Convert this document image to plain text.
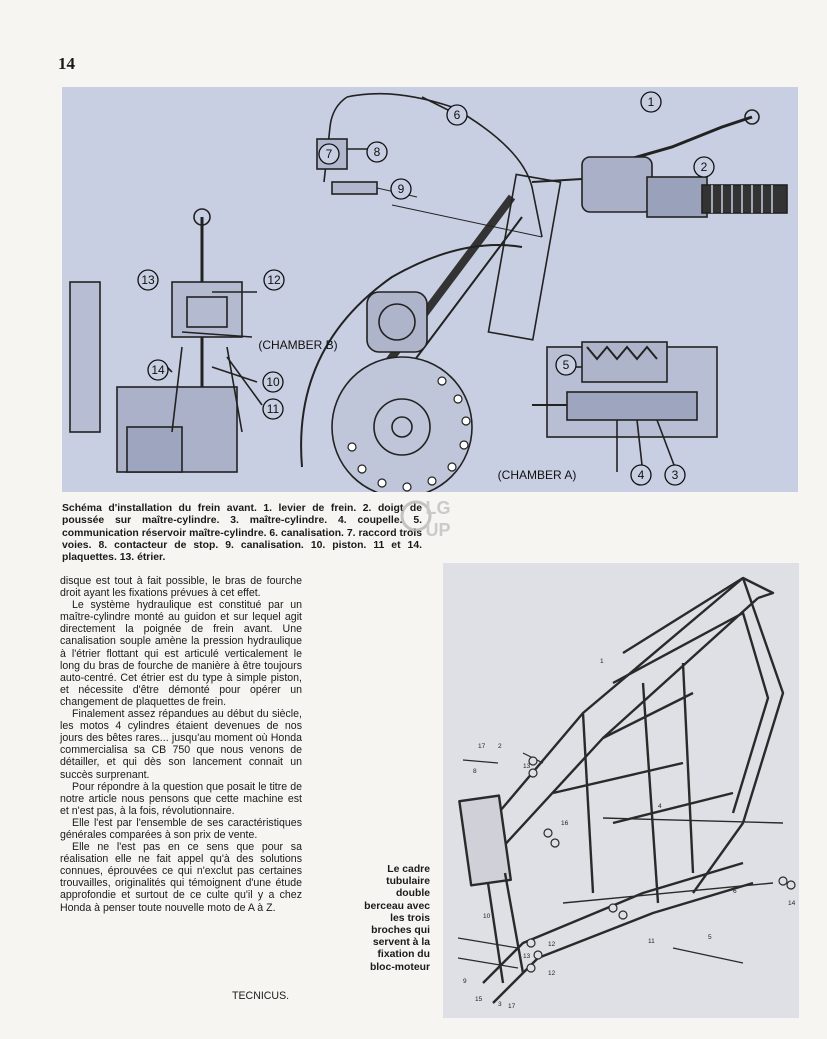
14
1
2
3
4
5
6
7	8
9
10
11
12
13
14
(CHAMBER A)
(CHAMBER B)
Schéma d'installation du frein avant. 1. levier de frein. 2. doigt de poussée sur maître-cylindre. 3. maître-cylindre. 4. coupelle. 5. communication réservoir maître-cylindre. 6. canalisation. 7. raccord trois voies. 8. contacteur de stop. 9. canalisation. 10. piston. 11 et 14. plaquettes. 13. étrier.
LG
UP

disque est tout à fait possible, le bras de fourche droit ayant les fixations prévues à cet effet.

Le système hydraulique est constitué par un maître-cylindre monté au guidon et sur lequel agit directement la poignée de frein avant. Une canalisation souple amène la pression hydraulique à l'étrier flottant qui est articulé verticalement le long du bras de fourche de manière à être toujours auto-centré. Cet étrier est du type à simple piston, et nécessite d'être démonté pour opérer un changement de plaquettes de frein.

Finalement assez répandues au début du siècle, les motos 4 cylindres étaient devenues de nos jours des bêtes rares... jusqu'au moment où Honda commercialisa sa CB 750 que nous venons de détailler, et qui dès son lancement connait un succès surprenant.

Pour répondre à la question que posait le titre de notre article nous pensons que cette machine est et n'est pas, à la fois, révolutionnaire.

Elle l'est par l'ensemble de ses caractéristiques générales comparées à son prix de vente.

Elle ne l'est pas en ce sens que pour sa réalisation elle ne fait appel qu'à des solutions connues, éprouvées ce qui n'exclut pas certaines trouvailles, originalités qui témoignent d'une étude approfondie et surtout de ce culte qu'il y a chez Honda à penser toute nouvelle moto de A à Z.

TECNICUS.
Le cadre tubulaire double berceau avec les trois broches qui servent à la fixation du bloc-moteur
1
2
3
4
5
6
8
9
10
11
12
12
13
13
14
15
16
17
17
